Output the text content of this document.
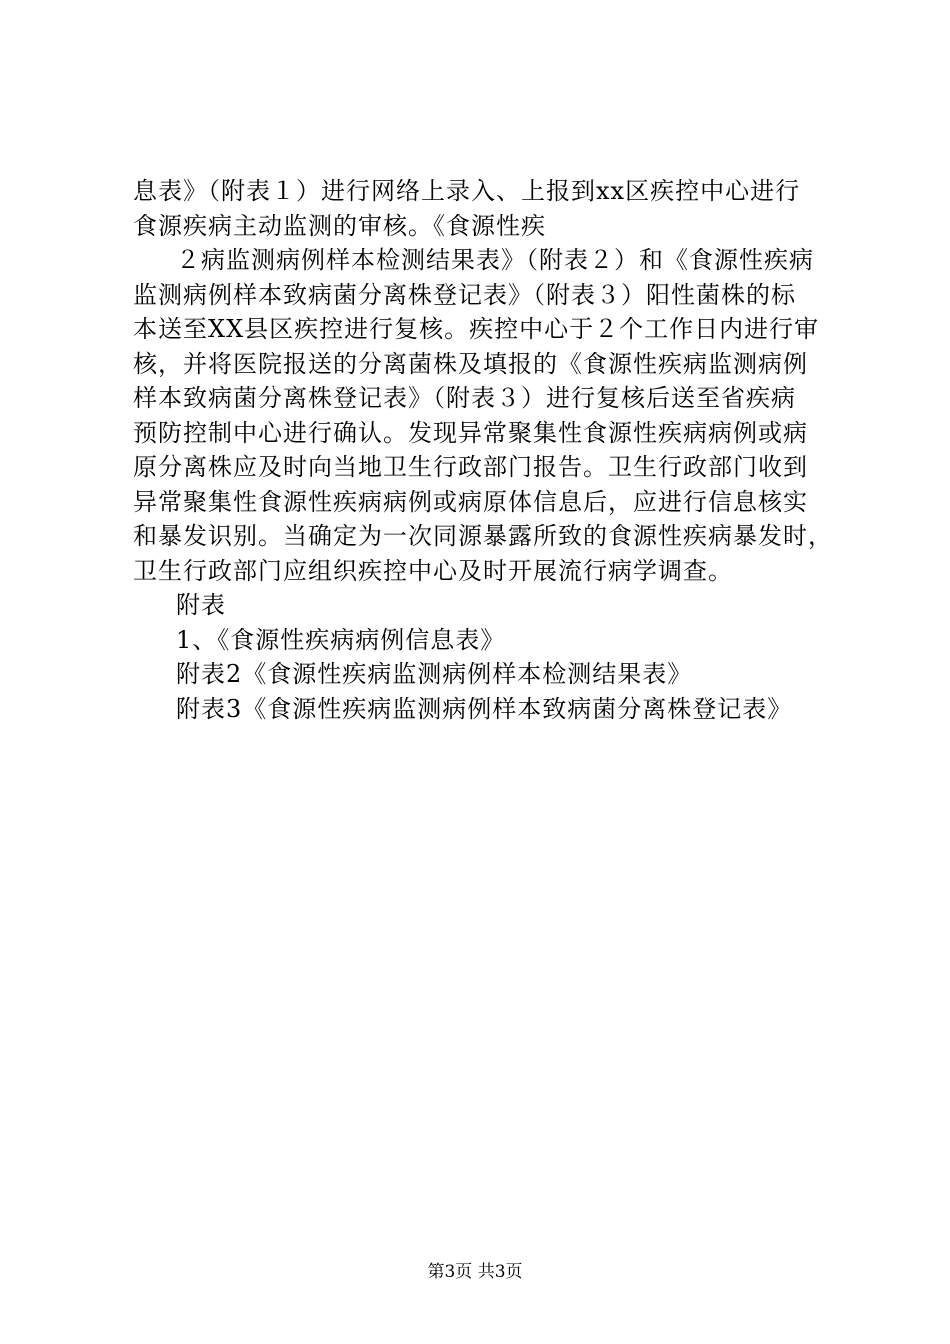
息表》（附表１）进行网络上录入、上报到xx区疾控中心进行
食源疾病主动监测的审核。《食源性疾
２病监测病例样本检测结果表》（附表２）和《食源性疾病
监测病例样本致病菌分离株登记表》（附表３）阳性菌株的标
本送至XX县区疾控进行复核。疾控中心于２个工作日内进行审
核，并将医院报送的分离菌株及填报的《食源性疾病监测病例
样本致病菌分离株登记表》（附表３）进行复核后送至省疾病
预防控制中心进行确认。发现异常聚集性食源性疾病病例或病
原分离株应及时向当地卫生行政部门报告。卫生行政部门收到
异常聚集性食源性疾病病例或病原体信息后，应进行信息核实
和暴发识别。当确定为一次同源暴露所致的食源性疾病暴发时，
卫生行政部门应组织疾控中心及时开展流行病学调查。
附表
1、《食源性疾病病例信息表》
附表2《食源性疾病监测病例样本检测结果表》
附表3《食源性疾病监测病例样本致病菌分离株登记表》
第3页 共3页
